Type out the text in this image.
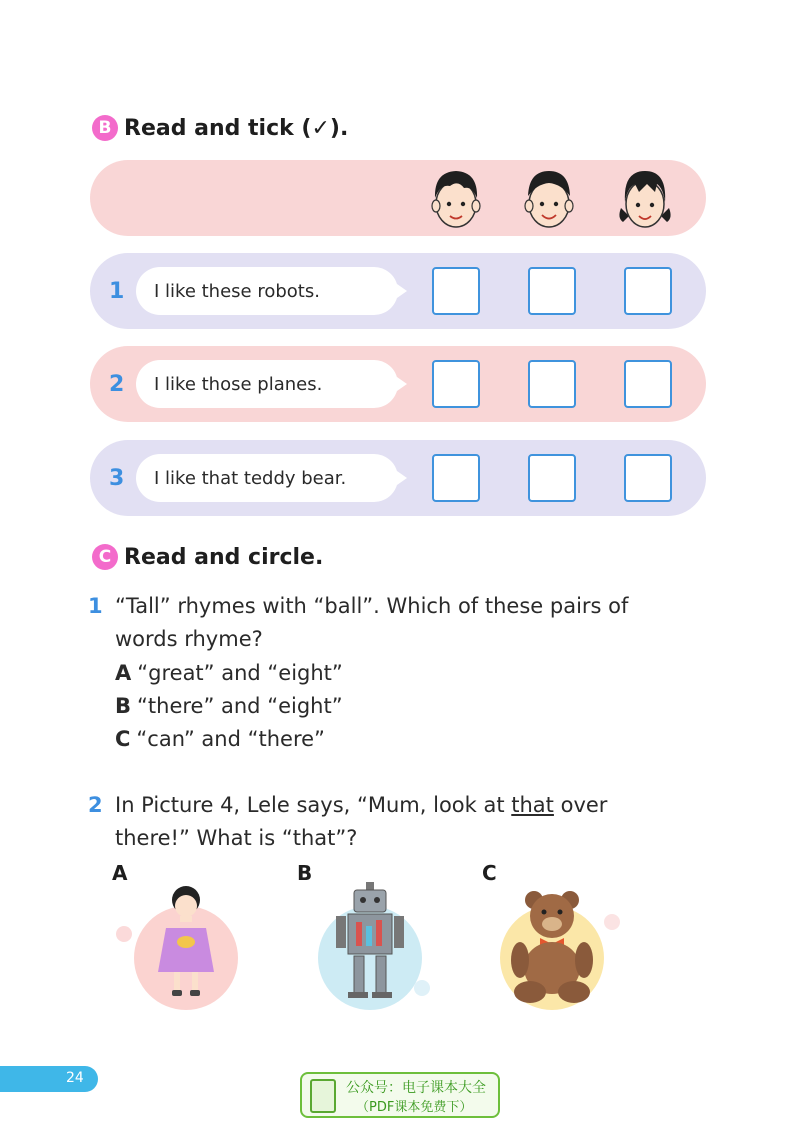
B Read and tick (✓).
1	I like these robots.
2	I like those planes.
3	I like that teddy bear.
C Read and circle.
1 “Tall” rhymes with “ball”. Which of these pairs of
words rhyme?
A “great” and “eight”
B “there” and “eight”
C “can” and “there”
2 In Picture 4, Lele says, “Mum, look at that over
there!” What is “that”?
A	B	C
24
公众号：电子课本大全
（PDF课本免费下）
